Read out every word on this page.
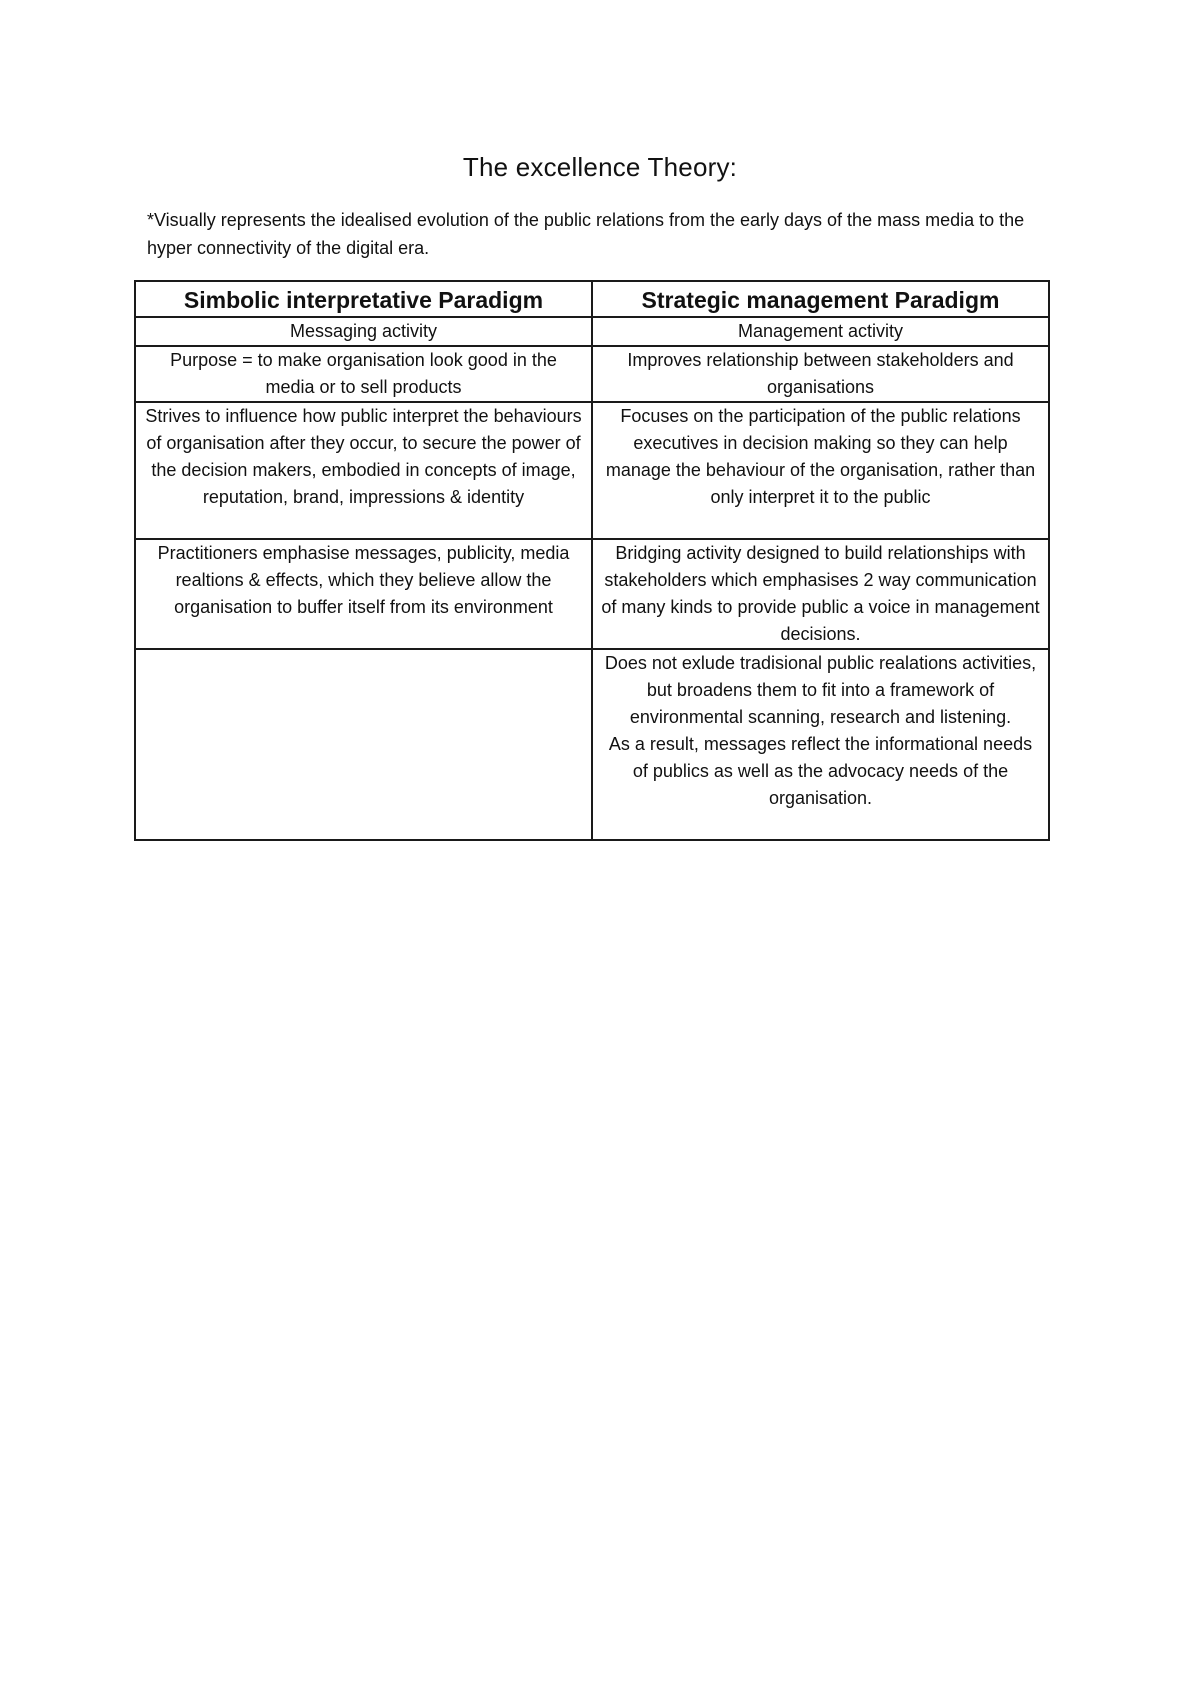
The excellence Theory:
*Visually represents the idealised evolution of the public relations from the early days of the mass media to the hyper connectivity of the digital era.
Simbolic interpretative Paradigm	Strategic management Paradigm

Messaging activity	Management activity

Purpose = to make organisation look good in the media or to sell products	Improves relationship between stakeholders and organisations

Strives to influence how public interpret the behaviours of organisation after they occur, to secure the power of the decision makers, embodied in concepts of image, reputation, brand, impressions & identity	Focuses on the participation of the public relations executives in decision making so they can help manage the behaviour of the organisation, rather than only interpret it to the public

Practitioners emphasise messages, publicity, media realtions & effects, which they believe allow the organisation to buffer itself from its environment	Bridging activity designed to build relationships with stakeholders which emphasises 2 way communication of many kinds to provide public a voice in management decisions.

	Does not exlude tradisional public realations activities, but broadens them to fit into a framework of environmental scanning, research and listening.
As a result, messages reflect the informational needs of publics as well as the advocacy needs of the organisation.
